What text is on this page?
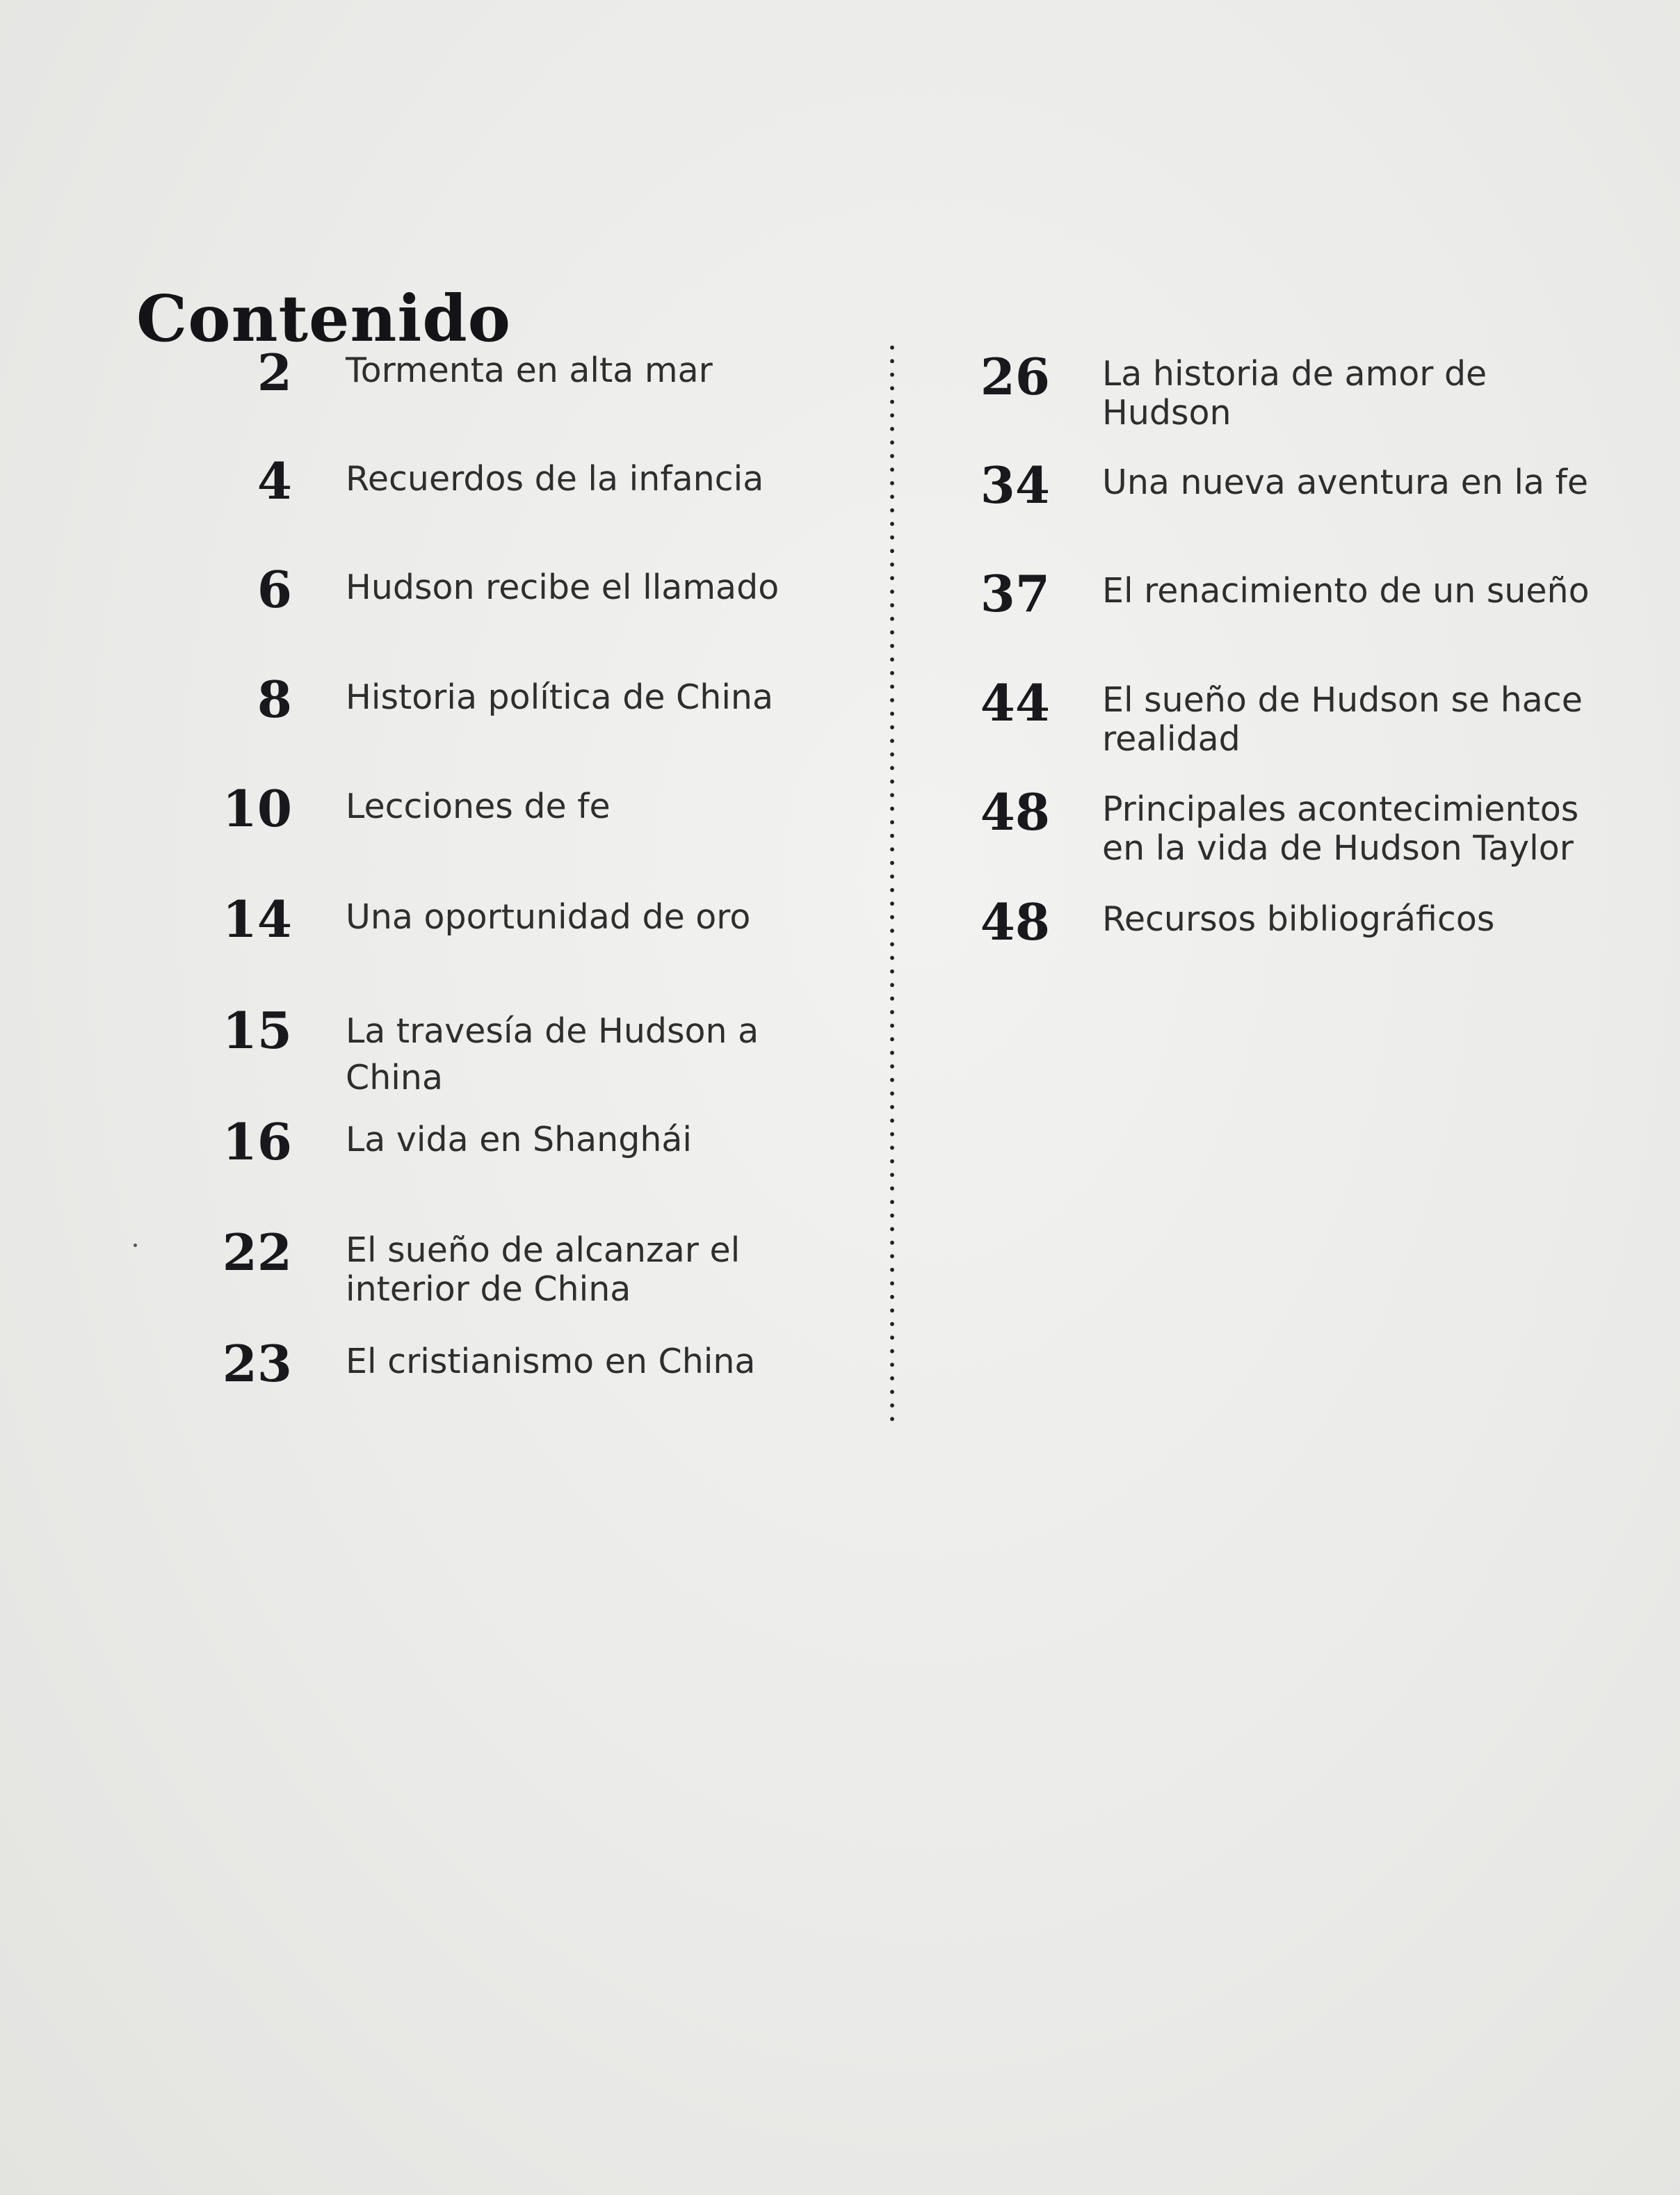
Contenido
2 Tormenta en alta mar
4 Recuerdos de la infancia
6 Hudson recibe el llamado
8 Historia política de China
10 Lecciones de fe
14 Una oportunidad de oro
15 La travesía de Hudson a China
16 La vida en Shanghái
22 El sueño de alcanzar el interior de China
23 El cristianismo en China
26 La historia de amor de Hudson
34 Una nueva aventura en la fe
37 El renacimiento de un sueño
44 El sueño de Hudson se hace realidad
48 Principales acontecimientos en la vida de Hudson Taylor
48 Recursos bibliográficos
